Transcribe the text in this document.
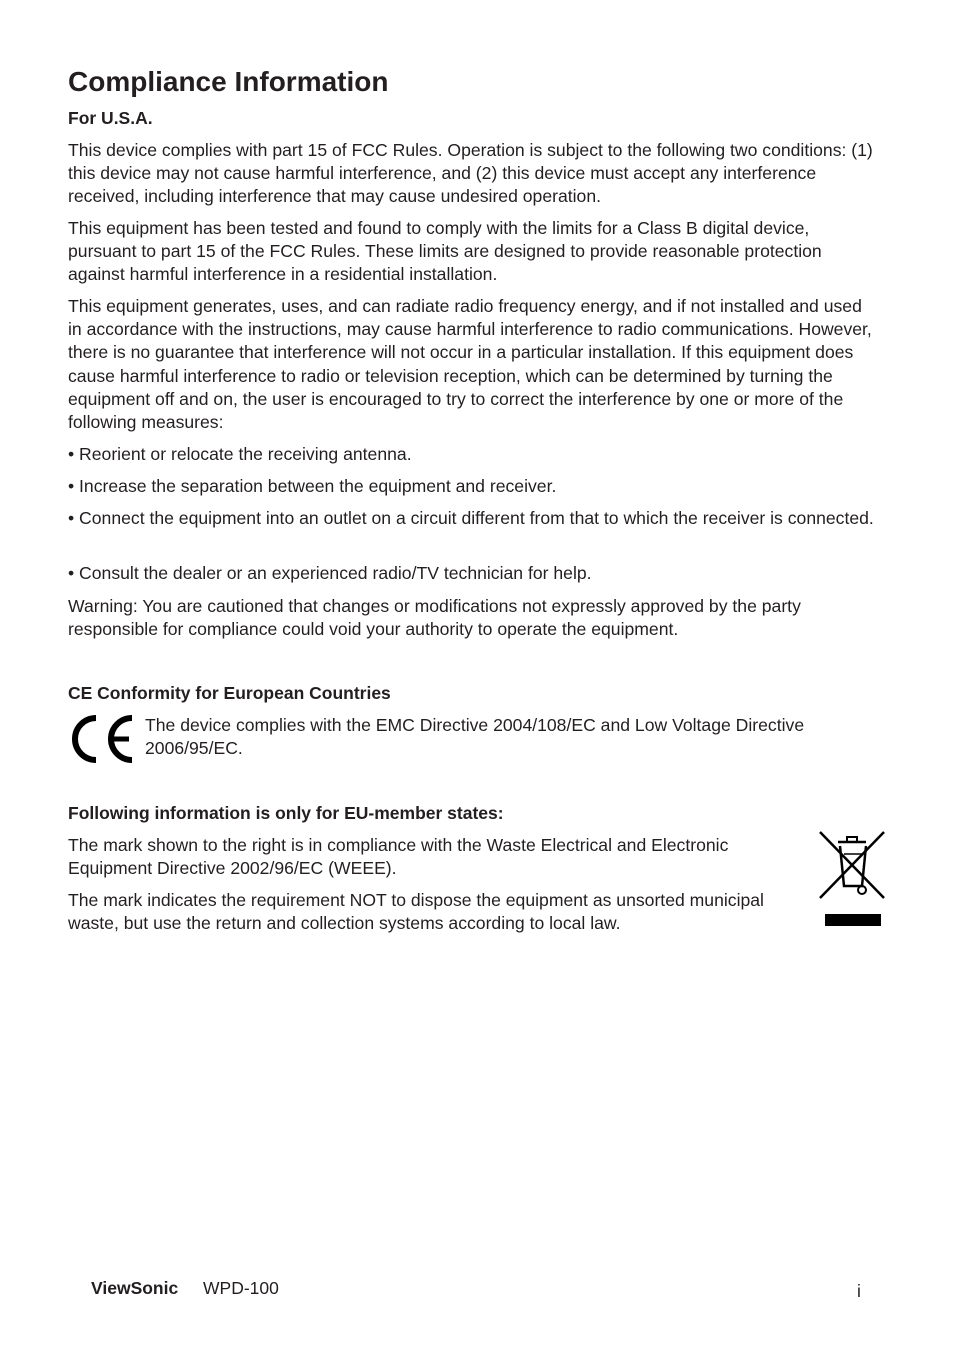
Compliance Information
For U.S.A.

This device complies with part 15 of FCC Rules. Operation is subject to the following two conditions: (1) this device may not cause harmful interference, and (2) this device must accept any interference received, including interference that may cause undesired operation.

This equipment has been tested and found to comply with the limits for a Class B digital device, pursuant to part 15 of the FCC Rules. These limits are designed to provide reasonable protection against harmful interference in a residential installation.

This equipment generates, uses, and can radiate radio frequency energy, and if not installed and used in accordance with the instructions, may cause harmful interference to radio communications. However, there is no guarantee that interference will not occur in a particular installation. If this equipment does cause harmful interference to radio or television reception, which can be determined by turning the equipment off and on, the user is encouraged to try to correct the interference by one or more of the following measures:

• Reorient or relocate the receiving antenna.

• Increase the separation between the equipment and receiver.

• Connect the equipment into an outlet on a circuit different from that to which the receiver is connected.

• Consult the dealer or an experienced radio/TV technician for help.

Warning: You are cautioned that changes or modifications not expressly approved by the party responsible for compliance could void your authority to operate the equipment.

CE Conformity for European Countries

The device complies with the EMC Directive 2004/108/EC and Low Voltage Directive 2006/95/EC.

Following information is only for EU-member states:

The mark shown to the right is in compliance with the Waste Electrical and Electronic Equipment Directive 2002/96/EC (WEEE).

The mark indicates the requirement NOT to dispose the equipment as unsorted municipal waste, but use the return and collection systems according to local law.

ViewSonic WPD-100	i
